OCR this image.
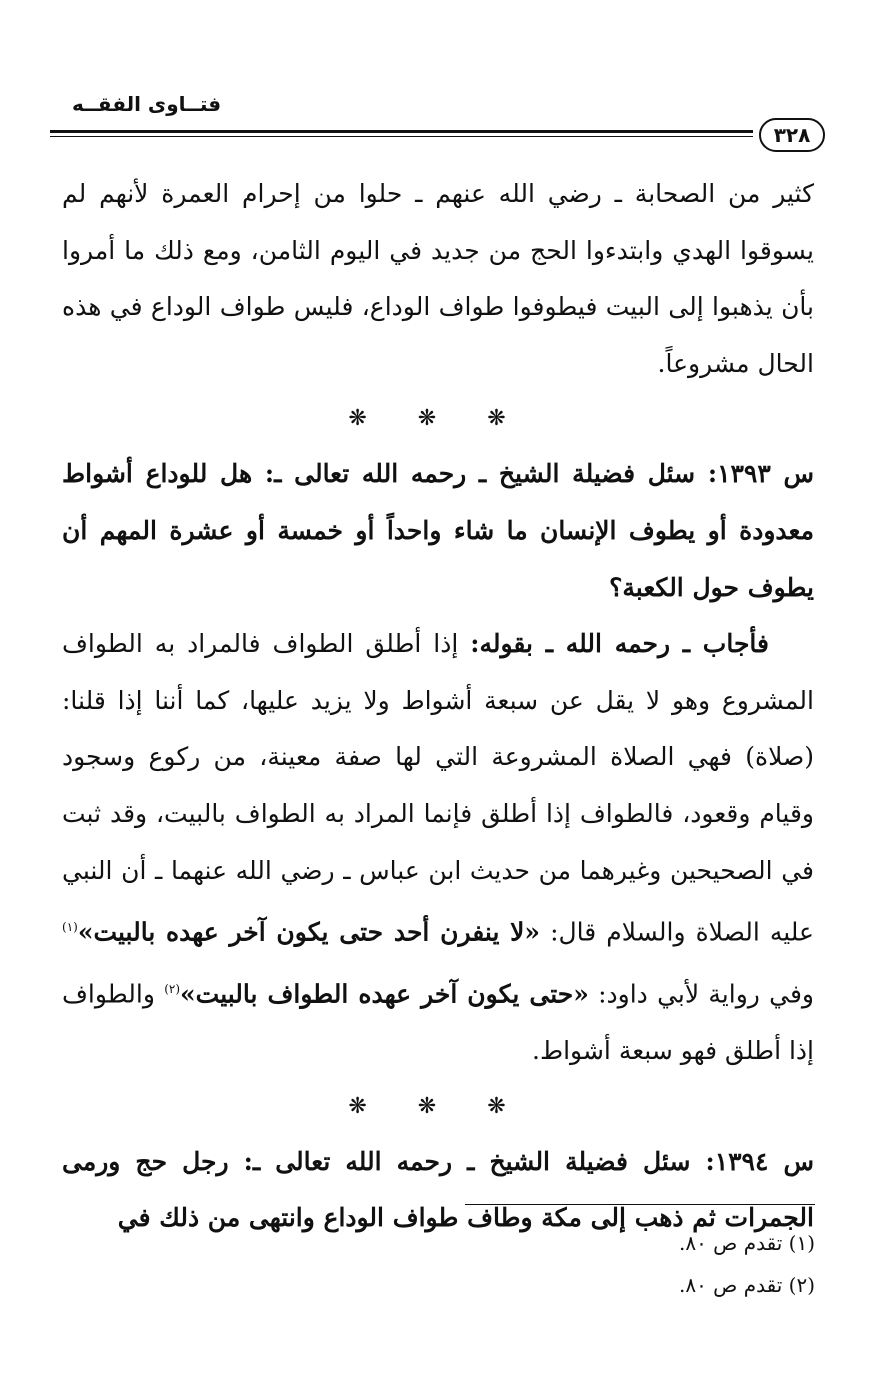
فتــاوى الفقــه
٣٢٨

كثير من الصحابة ـ رضي الله عنهم ـ حلوا من إحرام العمرة لأنهم لم يسوقوا الهدي وابتدءوا الحج من جديد في اليوم الثامن، ومع ذلك ما أمروا بأن يذهبوا إلى البيت فيطوفوا طواف الوداع، فليس طواف الوداع في هذه الحال مشروعاً.

❋ ❋ ❋

س ١٣٩٣: سئل فضيلة الشيخ ـ رحمه الله تعالى ـ: هل للوداع أشواط معدودة أو يطوف الإنسان ما شاء واحداً أو خمسة أو عشرة المهم أن يطوف حول الكعبة؟

فأجاب ـ رحمه الله ـ بقوله: إذا أطلق الطواف فالمراد به الطواف المشروع وهو لا يقل عن سبعة أشواط ولا يزيد عليها، كما أننا إذا قلنا: (صلاة) فهي الصلاة المشروعة التي لها صفة معينة، من ركوع وسجود وقيام وقعود، فالطواف إذا أطلق فإنما المراد به الطواف بالبيت، وقد ثبت في الصحيحين وغيرهما من حديث ابن عباس ـ رضي الله عنهما ـ أن النبي عليه الصلاة والسلام قال: «لا ينفرن أحد حتى يكون آخر عهده بالبيت»$^{(١)}$ وفي رواية لأبي داود: «حتى يكون آخر عهده الطواف بالبيت»$^{(٢)}$ والطواف إذا أطلق فهو سبعة أشواط.

❋ ❋ ❋

س ١٣٩٤: سئل فضيلة الشيخ ـ رحمه الله تعالى ـ: رجل حج ورمى الجمرات ثم ذهب إلى مكة وطاف طواف الوداع وانتهى من ذلك في

(١) تقدم ص ٨٠.
(٢) تقدم ص ٨٠.
